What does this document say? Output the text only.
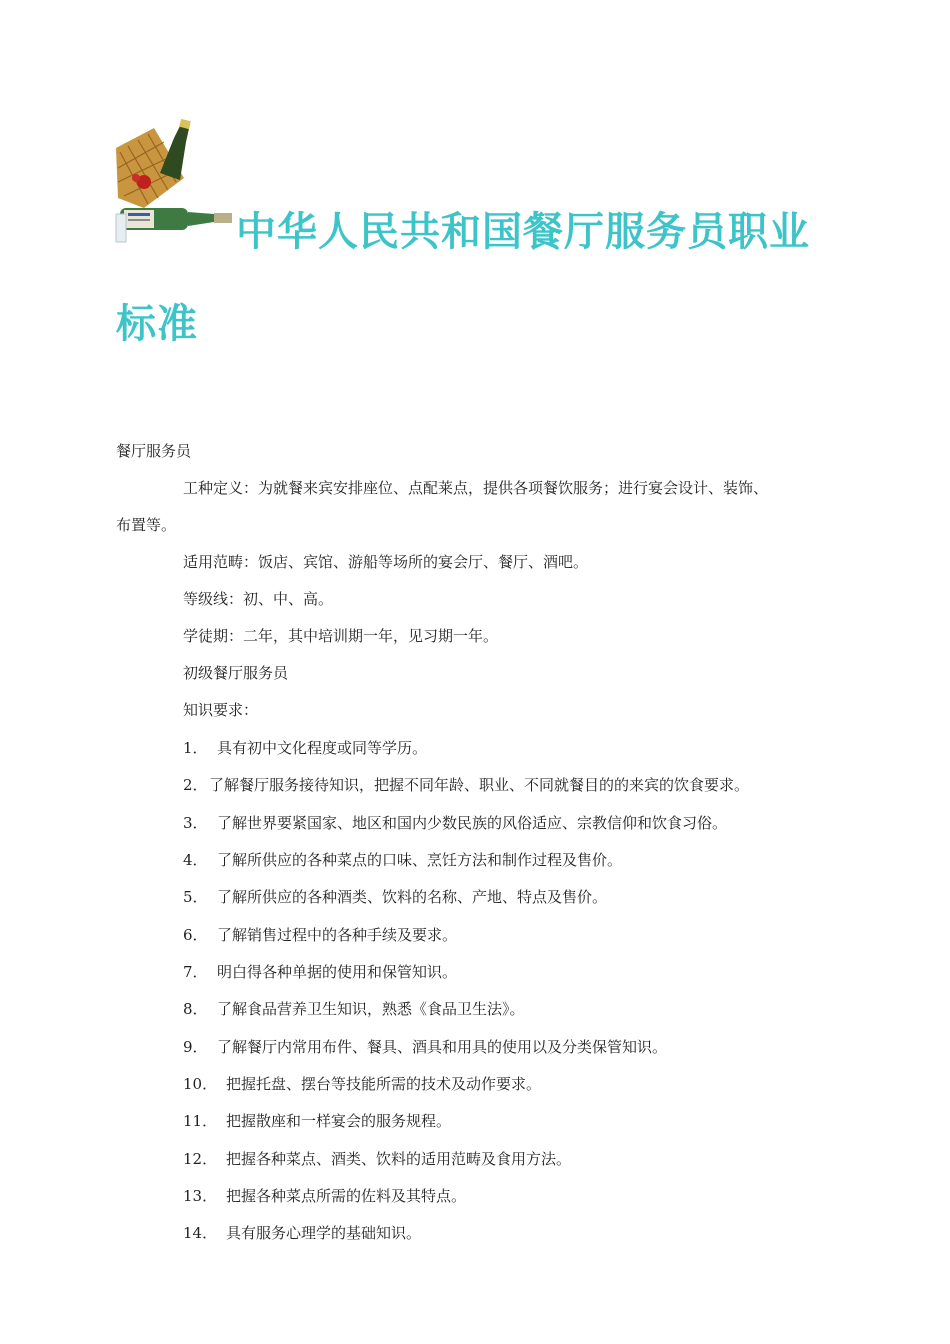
中华人民共和国餐厅服务员职业
标准
餐厅服务员
工种定义：为就餐来宾安排座位、点配莱点，提供各项餐饮服务；进行宴会设计、装饰、
布置等。
适用范畴：饭店、宾馆、游船等场所的宴会厅、餐厅、酒吧。
等级线：初、中、高。
学徒期：二年，其中培训期一年，见习期一年。
初级餐厅服务员
知识要求：
1． 具有初中文化程度或同等学历。
2．了解餐厅服务接待知识，把握不同年龄、职业、不同就餐目的的来宾的饮食要求。
3． 了解世界要紧国家、地区和国内少数民族的风俗适应、宗教信仰和饮食习俗。
4． 了解所供应的各种菜点的口味、烹饪方法和制作过程及售价。
5． 了解所供应的各种酒类、饮料的名称、产地、特点及售价。
6． 了解销售过程中的各种手续及要求。
7． 明白得各种单据的使用和保管知识。
8． 了解食品营养卫生知识，熟悉《食品卫生法》。
9． 了解餐厅内常用布件、餐具、酒具和用具的使用以及分类保管知识。
10． 把握托盘、摆台等技能所需的技术及动作要求。
11． 把握散座和一样宴会的服务规程。
12． 把握各种菜点、酒类、饮料的适用范畴及食用方法。
13． 把握各种菜点所需的佐料及其特点。
14． 具有服务心理学的基础知识。
